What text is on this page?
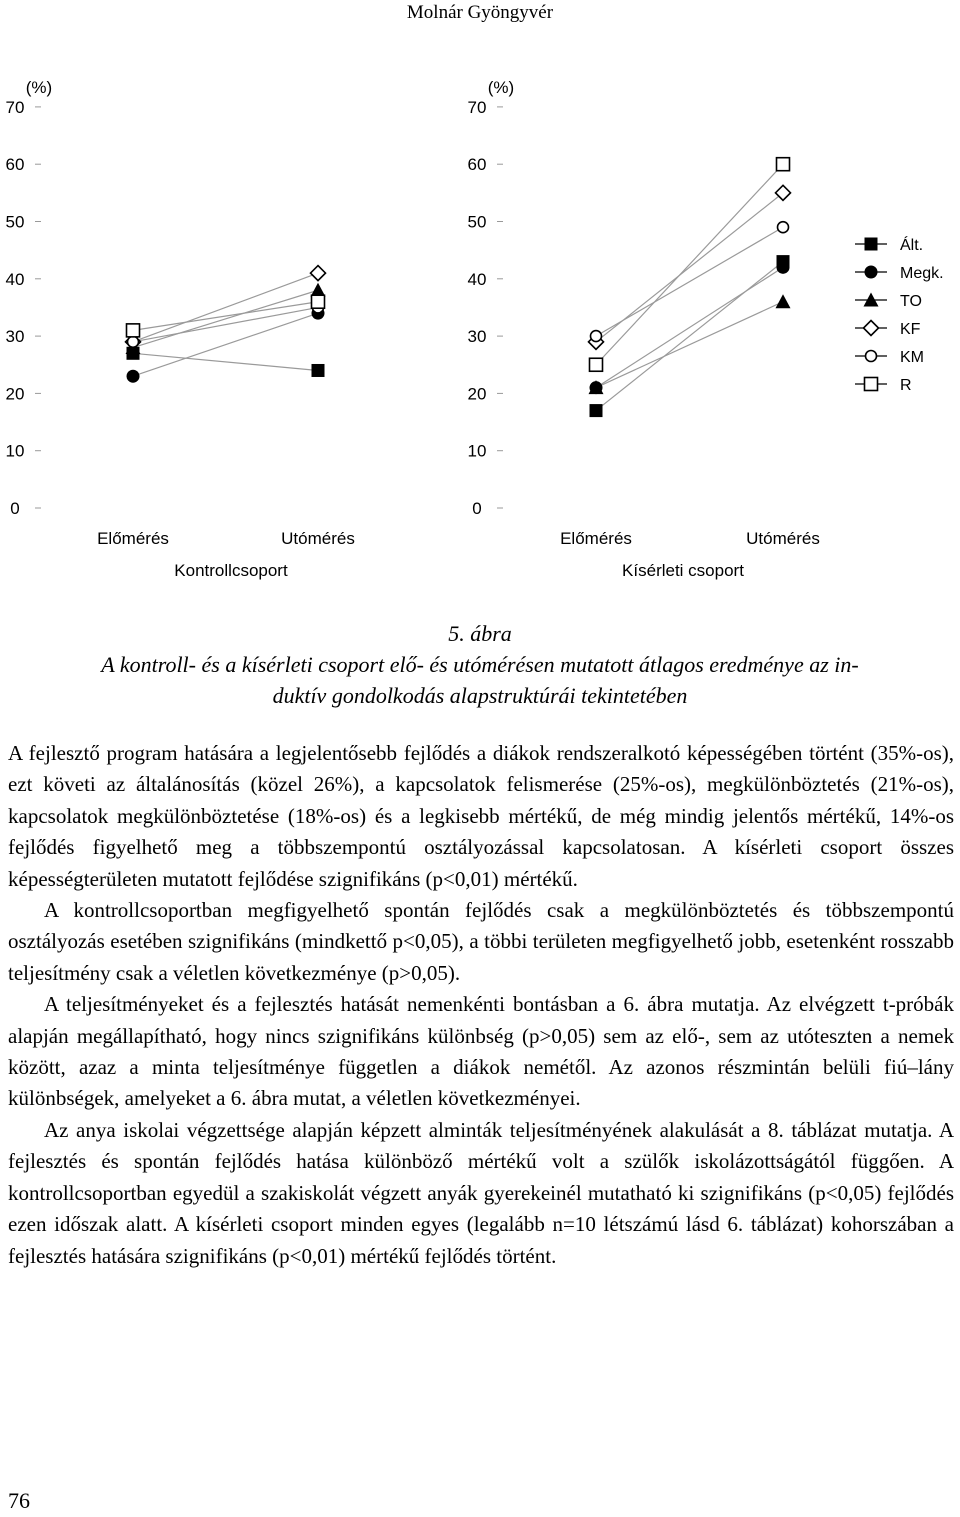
Molnár Gyöngyvér
(%)
0
10
20
30
40
50
60
70
Előmérés	Utómérés
Kontrollcsoport
(%)
0
10
20
30
40
50
60
70
Előmérés	Utómérés
Kísérleti csoport
Ált.
Megk.
TO
KF
KM
R
5. ábra
A kontroll- és a kísérleti csoport elő- és utómérésen mutatott átlagos eredménye az in-
duktív gondolkodás alapstruktúrái tekintetében

A fejlesztő program hatására a legjelentősebb fejlődés a diákok rendszeralkotó képességében történt (35%-os), ezt követi az általánosítás (közel 26%), a kapcsolatok felismerése (25%-os), megkülönböztetés (21%-os), kapcsolatok megkülönböztetése (18%-os) és a legkisebb mértékű, de még mindig jelentős mértékű, 14%-os fejlődés figyelhető meg a többszempontú osztályozással kapcsolatosan. A kísérleti csoport összes képességterületen mutatott fejlődése szignifikáns (p<0,01) mértékű.

A kontrollcsoportban megfigyelhető spontán fejlődés csak a megkülönböztetés és többszempontú osztályozás esetében szignifikáns (mindkettő p<0,05), a többi területen megfigyelhető jobb, esetenként rosszabb teljesítmény csak a véletlen következménye (p>0,05).

A teljesítményeket és a fejlesztés hatását nemenkénti bontásban a 6. ábra mutatja. Az elvégzett t-próbák alapján megállapítható, hogy nincs szignifikáns különbség (p>0,05) sem az elő-, sem az utóteszten a nemek között, azaz a minta teljesítménye független a diákok nemétől. Az azonos részmintán belüli fiú–lány különbségek, amelyeket a 6. ábra mutat, a véletlen következményei.

Az anya iskolai végzettsége alapján képzett alminták teljesítményének alakulását a 8. táblázat mutatja. A fejlesztés és spontán fejlődés hatása különböző mértékű volt a szülők iskolázottságától függően. A kontrollcsoportban egyedül a szakiskolát végzett anyák gyerekeinél mutatható ki szignifikáns (p<0,05) fejlődés ezen időszak alatt. A kísérleti csoport minden egyes (legalább n=10 létszámú lásd 6. táblázat) kohorszában a fejlesztés hatására szignifikáns (p<0,01) mértékű fejlődés történt.

76
